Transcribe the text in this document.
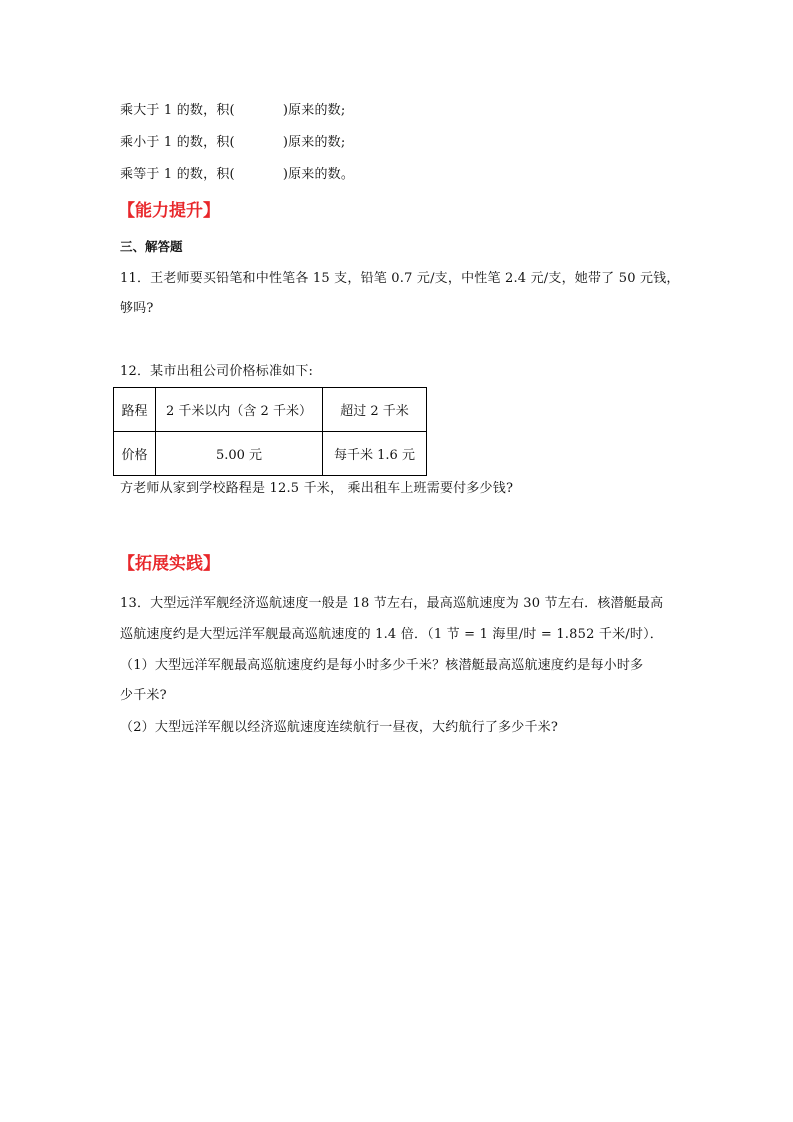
乘大于 1 的数，积(	)原来的数;
乘小于 1 的数，积(	)原来的数;
乘等于 1 的数，积(	)原来的数。
【能力提升】
三、解答题
11．王老师要买铅笔和中性笔各 15 支，铅笔 0.7 元/支，中性笔 2.4 元/支，她带了 50 元钱，
够吗?
12．某市出租公司价格标准如下:
路程	2 千米以内（含 2 千米）	超过 2 千米
价格	5.00 元	每千米 1.6 元
方老师从家到学校路程是 12.5 千米， 乘出租车上班需要付多少钱?
【拓展实践】
13．大型远洋军舰经济巡航速度一般是 18 节左右，最高巡航速度为 30 节左右．核潜艇最高
巡航速度约是大型远洋军舰最高巡航速度的 1.4 倍．（1 节 = 1 海里/时 = 1.852 千米/时）．
（1）大型远洋军舰最高巡航速度约是每小时多少千米？核潜艇最高巡航速度约是每小时多
少千米?
（2）大型远洋军舰以经济巡航速度连续航行一昼夜，大约航行了多少千米?
